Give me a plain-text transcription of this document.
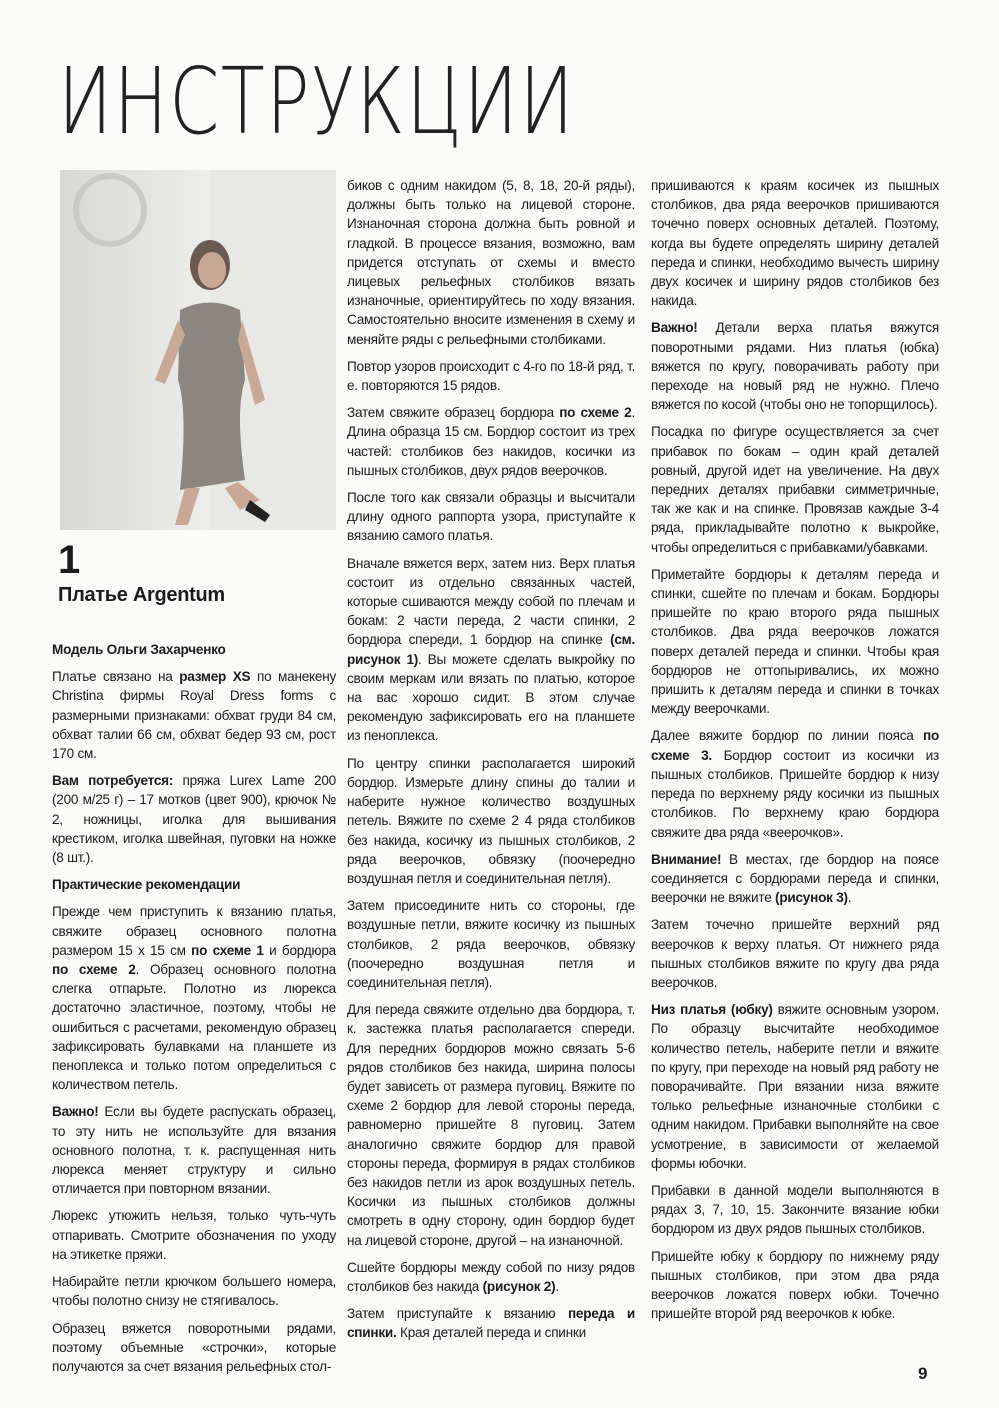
ИНСТРУКЦИИ

1

Платье Argentum

Модель Ольги Захарченко

Платье связано на размер XS по манекену Christina фирмы Royal Dress forms с размерными признаками: обхват груди 84 см, обхват талии 66 см, обхват бедер 93 см, рост 170 см.

Вам потребуется: пряжа Lurex Lame 200 (200 м/25 г) – 17 мотков (цвет 900), крючок № 2, ножницы, иголка для вышивания крестиком, иголка швейная, пуговки на ножке (8 шт.).

Практические рекомендации

Прежде чем приступить к вязанию платья, свяжите образец основного полотна размером 15 х 15 см по схеме 1 и бордюра по схеме 2. Образец основного полотна слегка отпарьте. Полотно из люрекса достаточно эластичное, поэтому, чтобы не ошибиться с расчетами, рекомендую образец зафиксировать булавками на планшете из пеноплекса и только потом определиться с количеством петель.

Важно! Если вы будете распускать образец, то эту нить не используйте для вязания основного полотна, т. к. распущенная нить люрекса меняет структуру и сильно отличается при повторном вязании.

Люрекс утюжить нельзя, только чуть-чуть отпаривать. Смотрите обозначения по уходу на этикетке пряжи.

Набирайте петли крючком большего номера, чтобы полотно снизу не стягивалось.

Образец вяжется поворотными рядами, поэтому объемные «строчки», которые получаются за счет вязания рельефных стол-

биков с одним накидом (5, 8, 18, 20-й ряды), должны быть только на лицевой стороне. Изнаночная сторона должна быть ровной и гладкой. В процессе вязания, возможно, вам придется отступать от схемы и вместо лицевых рельефных столбиков вязать изнаночные, ориентируйтесь по ходу вязания. Самостоятельно вносите изменения в схему и меняйте ряды с рельефными столбиками.

Повтор узоров происходит с 4-го по 18-й ряд, т. е. повторяются 15 рядов.

Затем свяжите образец бордюра по схеме 2. Длина образца 15 см. Бордюр состоит из трех частей: столбиков без накидов, косички из пышных столбиков, двух рядов веерочков.

После того как связали образцы и высчитали длину одного раппорта узора, приступайте к вязанию самого платья.

Вначале вяжется верх, затем низ. Верх платья состоит из отдельно связанных частей, которые сшиваются между собой по плечам и бокам: 2 части переда, 2 части спинки, 2 бордюра спереди, 1 бордюр на спинке (см. рисунок 1). Вы можете сделать выкройку по своим меркам или вязать по платью, которое на вас хорошо сидит. В этом случае рекомендую зафиксировать его на планшете из пеноплекса.

По центру спинки располагается широкий бордюр. Измерьте длину спины до талии и наберите нужное количество воздушных петель. Вяжите по схеме 2 4 ряда столбиков без накида, косичку из пышных столбиков, 2 ряда веерочков, обвязку (поочередно воздушная петля и соединительная петля).

Затем присоедините нить со стороны, где воздушные петли, вяжите косичку из пышных столбиков, 2 ряда веерочков, обвязку (поочередно воздушная петля и соединительная петля).

Для переда свяжите отдельно два бордюра, т. к. застежка платья располагается спереди. Для передних бордюров можно связать 5-6 рядов столбиков без накида, ширина полосы будет зависеть от размера пуговиц. Вяжите по схеме 2 бордюр для левой стороны переда, равномерно пришейте 8 пуговиц. Затем аналогично свяжите бордюр для правой стороны переда, формируя в рядах столбиков без накидов петли из арок воздушных петель. Косички из пышных столбиков должны смотреть в одну сторону, один бордюр будет на лицевой стороне, другой – на изнаночной.

Сшейте бордюры между собой по низу рядов столбиков без накида (рисунок 2).

Затем приступайте к вязанию переда и спинки. Края деталей переда и спинки

пришиваются к краям косичек из пышных столбиков, два ряда веерочков пришиваются точечно поверх основных деталей. Поэтому, когда вы будете определять ширину деталей переда и спинки, необходимо вычесть ширину двух косичек и ширину рядов столбиков без накида.

Важно! Детали верха платья вяжутся поворотными рядами. Низ платья (юбка) вяжется по кругу, поворачивать работу при переходе на новый ряд не нужно. Плечо вяжется по косой (чтобы оно не топорщилось).

Посадка по фигуре осуществляется за счет прибавок по бокам – один край деталей ровный, другой идет на увеличение. На двух передних деталях прибавки симметричные, так же как и на спинке. Провязав каждые 3-4 ряда, прикладывайте полотно к выкройке, чтобы определиться с прибавками/убавками.

Приметайте бордюры к деталям переда и спинки, сшейте по плечам и бокам. Бордюры пришейте по краю второго ряда пышных столбиков. Два ряда веерочков ложатся поверх деталей переда и спинки. Чтобы края бордюров не оттопыривались, их можно пришить к деталям переда и спинки в точках между веерочками.

Далее вяжите бордюр по линии пояса по схеме 3. Бордюр состоит из косички из пышных столбиков. Пришейте бордюр к низу переда по верхнему ряду косички из пышных столбиков. По верхнему краю бордюра свяжите два ряда «веерочков».

Внимание! В местах, где бордюр на поясе соединяется с бордюрами переда и спинки, веерочки не вяжите (рисунок 3).

Затем точечно пришейте верхний ряд веерочков к верху платья. От нижнего ряда пышных столбиков вяжите по кругу два ряда веерочков.

Низ платья (юбку) вяжите основным узором. По образцу высчитайте необходимое количество петель, наберите петли и вяжите по кругу, при переходе на новый ряд работу не поворачивайте. При вязании низа вяжите только рельефные изнаночные столбики с одним накидом. Прибавки выполняйте на свое усмотрение, в зависимости от желаемой формы юбочки.

Прибавки в данной модели выполняются в рядах 3, 7, 10, 15. Закончите вязание юбки бордюром из двух рядов пышных столбиков.

Пришейте юбку к бордюру по нижнему ряду пышных столбиков, при этом два ряда веерочков ложатся поверх юбки. Точечно пришейте второй ряд веерочков к юбке.

9
